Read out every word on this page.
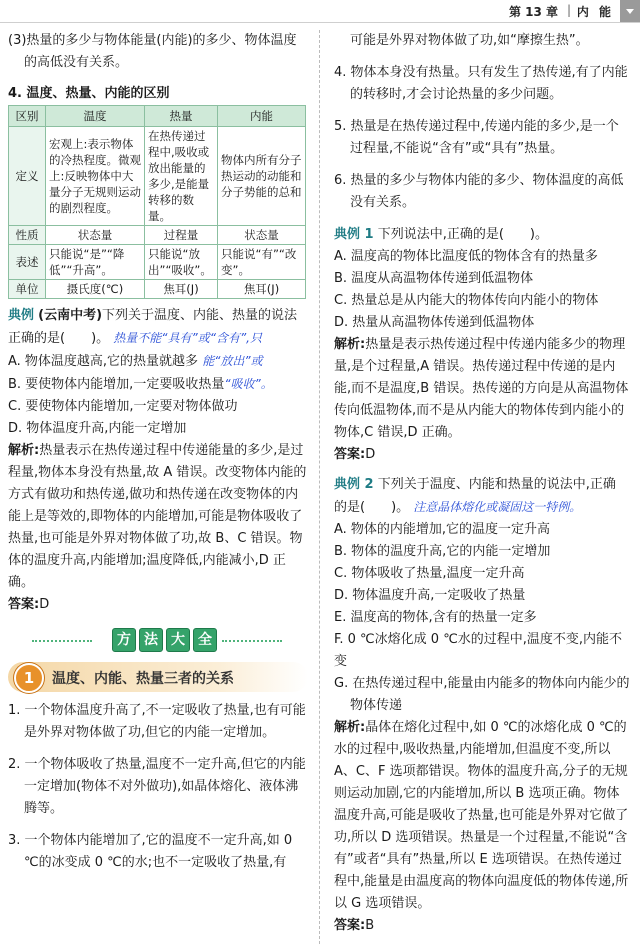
第 13 章 | 内 能

(3)热量的多少与物体能量(内能)的多少、物体温度的高低没有关系。

4. 温度、热量、内能的区别

区别	温度	热量	内能
定义	宏观上:表示物体的冷热程度。微观上:反映物体中大量分子无规则运动的剧烈程度。	在热传递过程中,吸收或放出能量的多少,是能量转移的数量。	物体内所有分子热运动的动能和分子势能的总和
性质	状态量	过程量	状态量
表述	只能说“是”“降低”“升高”。	只能说“放出”“吸收”。	只能说“有”“改变”。
单位	摄氏度(℃)	焦耳(J)	焦耳(J)

典例 (云南中考)下列关于温度、内能、热量的说法正确的是(　　)。 热量不能“具有”或“含有”,只

A. 物体温度越高,它的热量就越多 能“放出”或

B. 要使物体内能增加,一定要吸收热量“吸收”。

C. 要使物体内能增加,一定要对物体做功

D. 物体温度升高,内能一定增加

解析:热量表示在热传递过程中传递能量的多少,是过程量,物体本身没有热量,故 A 错误。改变物体内能的方式有做功和热传递,做功和热传递在改变物体的内能上是等效的,即物体的内能增加,可能是物体吸收了热量,也可能是外界对物体做了功,故 B、C 错误。物体的温度升高,内能增加;温度降低,内能减小,D 正确。

答案:D

方 法 大 全
1	温度、内能、热量三者的关系

1. 一个物体温度升高了,不一定吸收了热量,也有可能是外界对物体做了功,但它的内能一定增加。

2. 一个物体吸收了热量,温度不一定升高,但它的内能一定增加(物体不对外做功),如晶体熔化、液体沸腾等。

3. 一个物体内能增加了,它的温度不一定升高,如 0 ℃的冰变成 0 ℃的水;也不一定吸收了热量,有

可能是外界对物体做了功,如“摩擦生热”。

4. 物体本身没有热量。只有发生了热传递,有了内能的转移时,才会讨论热量的多少问题。

5. 热量是在热传递过程中,传递内能的多少,是一个过程量,不能说“含有”或“具有”热量。

6. 热量的多少与物体内能的多少、物体温度的高低没有关系。

典例 1 下列说法中,正确的是(　　)。

A. 温度高的物体比温度低的物体含有的热量多

B. 温度从高温物体传递到低温物体

C. 热量总是从内能大的物体传向内能小的物体

D. 热量从高温物体传递到低温物体

解析:热量是表示热传递过程中传递内能多少的物理量,是个过程量,A 错误。热传递过程中传递的是内能,而不是温度,B 错误。热传递的方向是从高温物体传向低温物体,而不是从内能大的物体传到内能小的物体,C 错误,D 正确。

答案:D

典例 2 下列关于温度、内能和热量的说法中,正确

的是(　　)。 注意晶体熔化或凝固这一特例。

A. 物体的内能增加,它的温度一定升高

B. 物体的温度升高,它的内能一定增加

C. 物体吸收了热量,温度一定升高

D. 物体温度升高,一定吸收了热量

E. 温度高的物体,含有的热量一定多

F. 0 ℃冰熔化成 0 ℃水的过程中,温度不变,内能不变

G. 在热传递过程中,能量由内能多的物体向内能少的物体传递

解析:晶体在熔化过程中,如 0 ℃的冰熔化成 0 ℃的水的过程中,吸收热量,内能增加,但温度不变,所以 A、C、F 选项都错误。物体的温度升高,分子的无规则运动加剧,它的内能增加,所以 B 选项正确。物体温度升高,可能是吸收了热量,也可能是外界对它做了功,所以 D 选项错误。热量是一个过程量,不能说“含有”或者“具有”热量,所以 E 选项错误。在热传递过程中,能量是由温度高的物体向温度低的物体传递,所以 G 选项错误。

答案:B
